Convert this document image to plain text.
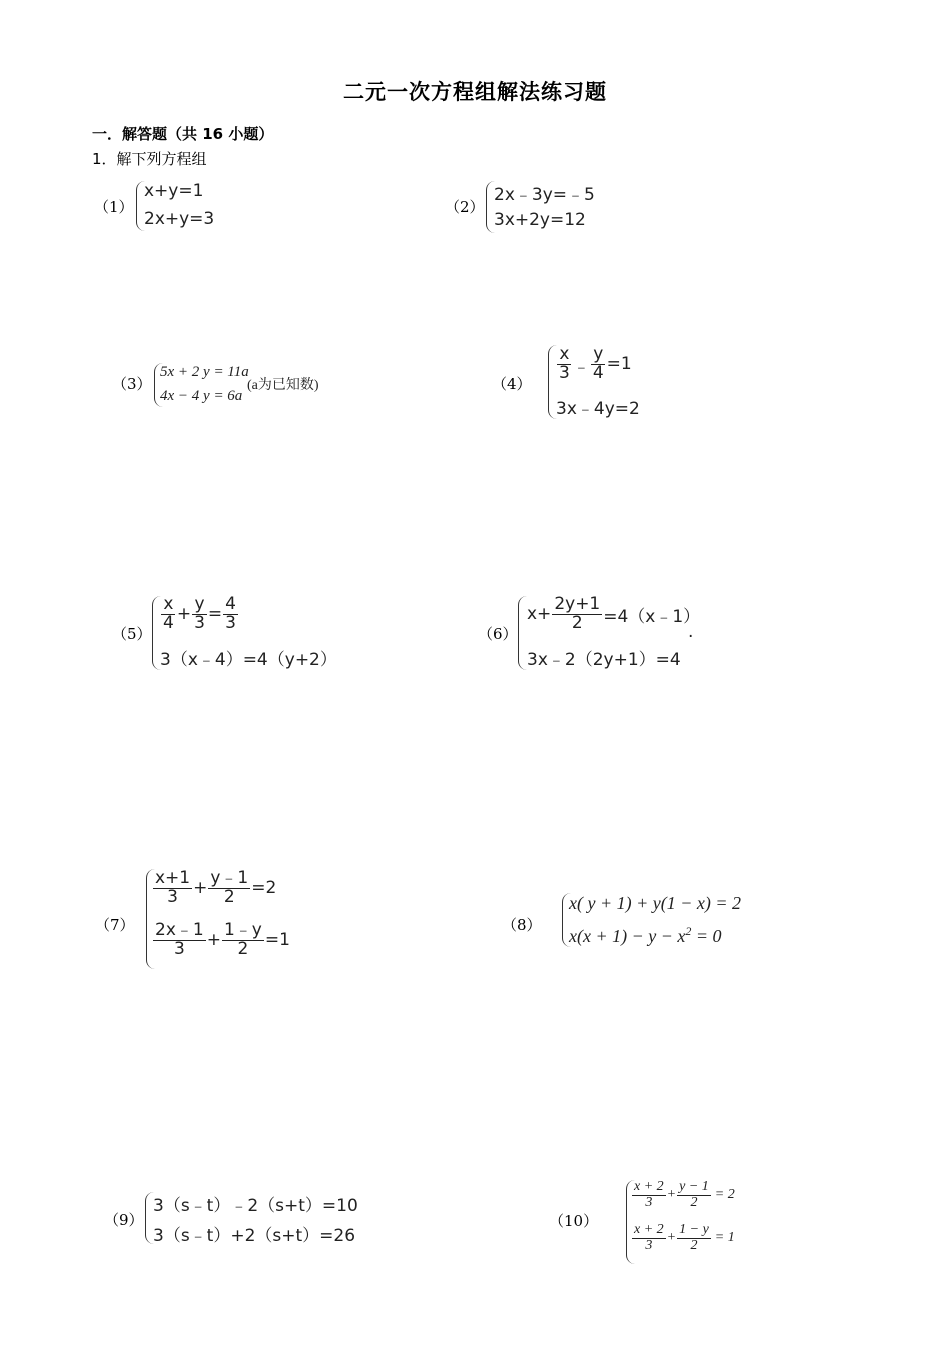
二元一次方程组解法练习题
一．解答题（共 16 小题）
1．解下列方程组
（1）
x+y=1
2x+y=3
（2）
2x﹣3y=﹣5
3x+2y=12
（3）
5x + 2 y = 11a
4x − 4 y = 6a
(a为已知数)	（4）
$\frac{x}{3}$ ﹣ $\frac{y}{4} =1$
3x﹣4y=2
（5）
$\frac{x}{4} + \frac{y}{3} = \frac{4}{3}$
3（x﹣4）=4（y+2）
（6）
$x+ \frac{2y+1}{2}$ =4（x﹣1）
3x﹣2（2y+1）=4
.
（7）
$\frac{x+1}{3} + \frac{y﹣1}{2} =2$
$\frac{2x﹣1}{3} + \frac{1﹣y}{2} =1$
（8）
x( y + 1) + y(1 − x) = 2
$x(x + 1) - y - x^2 = 0$
（9）
3（s﹣t）﹣2（s+t）=10
3（s﹣t）+2（s+t）=26
（10）
$\frac{x + 2}{3} + \frac{y - 1}{2} = 2$
$\frac{x + 2}{3} + \frac{1 - y}{2} = 1$
